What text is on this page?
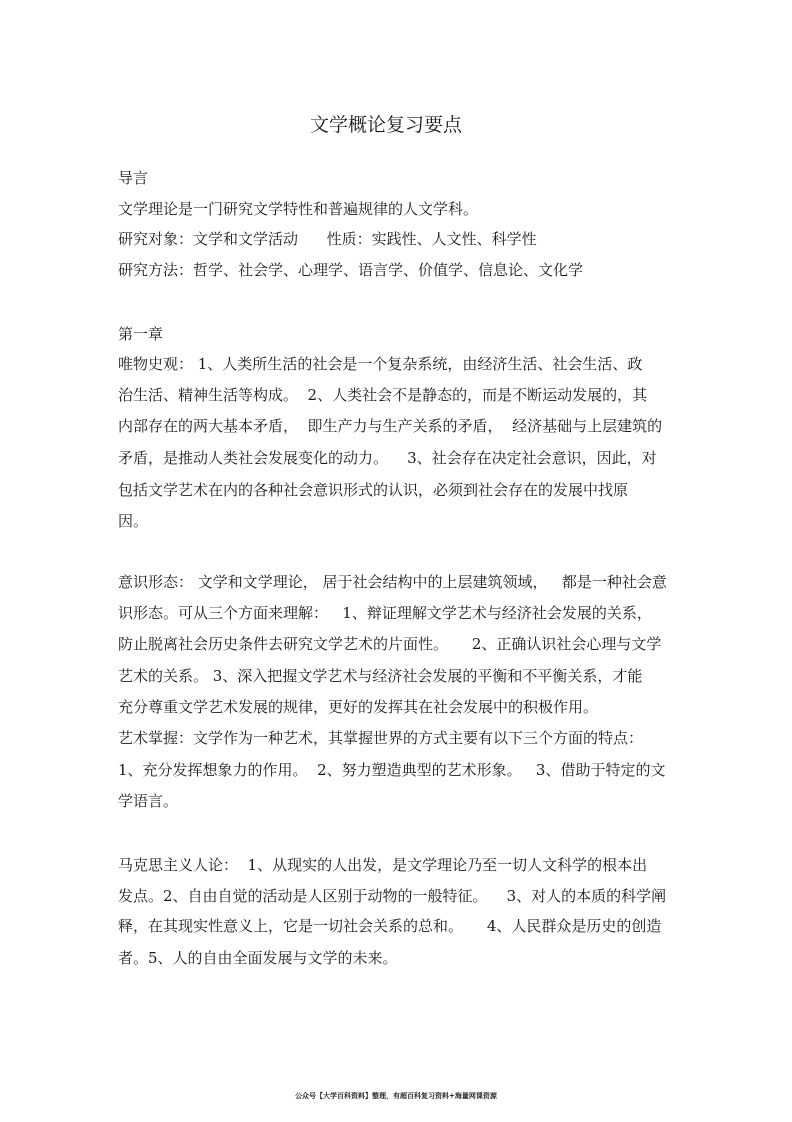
文学概论复习要点
导言
文学理论是一门研究文学特性和普遍规律的人文学科。
研究对象：文学和文学活动      性质：实践性、人文性、科学性
研究方法：哲学、社会学、心理学、语言学、价值学、信息论、文化学
第一章
唯物史观： 1、人类所生活的社会是一个复杂系统，由经济生活、社会生活、政
治生活、精神生活等构成。  2、人类社会不是静态的，而是不断运动发展的，其
内部存在的两大基本矛盾，  即生产力与生产关系的矛盾，  经济基础与上层建筑的
矛盾，是推动人类社会发展变化的动力。    3、社会存在决定社会意识，因此，对
包括文学艺术在内的各种社会意识形式的认识，必须到社会存在的发展中找原
因。
意识形态： 文学和文学理论， 居于社会结构中的上层建筑领域，   都是一种社会意
识形态。可从三个方面来理解：   1、辩证理解文学艺术与经济社会发展的关系，
防止脱离社会历史条件去研究文学艺术的片面性。     2、正确认识社会心理与文学
艺术的关系。 3、深入把握文学艺术与经济社会发展的平衡和不平衡关系，才能
充分尊重文学艺术发展的规律，更好的发挥其在社会发展中的积极作用。
艺术掌握：文学作为一种艺术，其掌握世界的方式主要有以下三个方面的特点：
1、充分发挥想象力的作用。  2、努力塑造典型的艺术形象。   3、借助于特定的文
学语言。
马克思主义人论：  1、从现实的人出发，是文学理论乃至一切人文科学的根本出
发点。2、自由自觉的活动是人区别于动物的一般特征。    3、对人的本质的科学阐
释，在其现实性意义上，它是一切社会关系的总和。     4、人民群众是历史的创造
者。5、人的自由全面发展与文学的未来。
公众号【大学百科资料】整理，有超百科复习资料+海量网课资源
